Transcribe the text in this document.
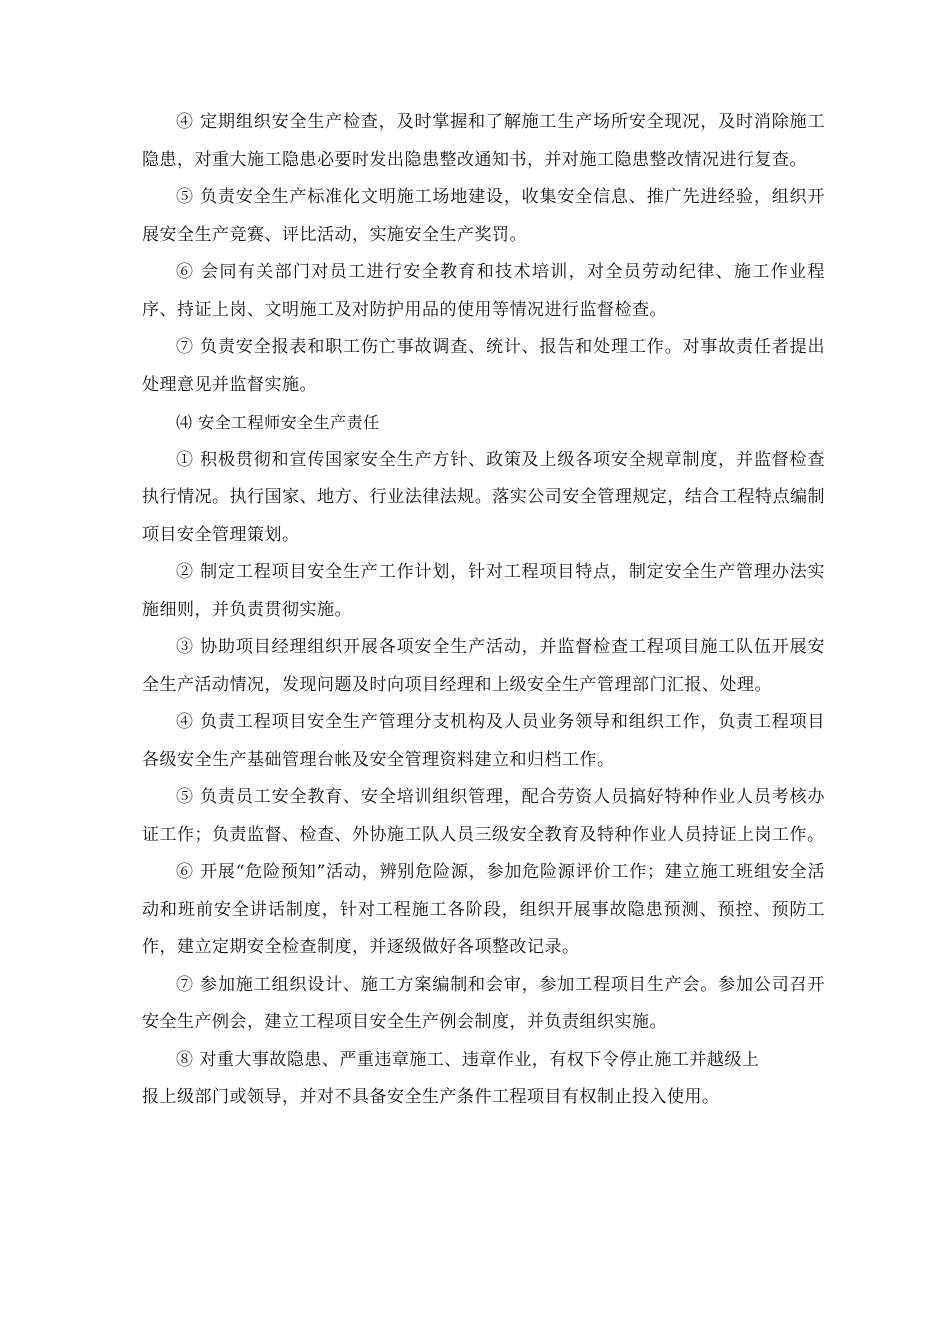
④ 定期组织安全生产检查，及时掌握和了解施工生产场所安全现况，及时消除施工隐患，对重大施工隐患必要时发出隐患整改通知书，并对施工隐患整改情况进行复查。

⑤ 负责安全生产标准化文明施工场地建设，收集安全信息、推广先进经验，组织开展安全生产竞赛、评比活动，实施安全生产奖罚。

⑥ 会同有关部门对员工进行安全教育和技术培训，对全员劳动纪律、施工作业程序、持证上岗、文明施工及对防护用品的使用等情况进行监督检查。

⑦ 负责安全报表和职工伤亡事故调查、统计、报告和处理工作。对事故责任者提出处理意见并监督实施。

⑷ 安全工程师安全生产责任

① 积极贯彻和宣传国家安全生产方针、政策及上级各项安全规章制度，并监督检查执行情况。执行国家、地方、行业法律法规。落实公司安全管理规定，结合工程特点编制项目安全管理策划。

② 制定工程项目安全生产工作计划，针对工程项目特点，制定安全生产管理办法实施细则，并负责贯彻实施。

③ 协助项目经理组织开展各项安全生产活动，并监督检查工程项目施工队伍开展安全生产活动情况，发现问题及时向项目经理和上级安全生产管理部门汇报、处理。

④ 负责工程项目安全生产管理分支机构及人员业务领导和组织工作，负责工程项目各级安全生产基础管理台帐及安全管理资料建立和归档工作。

⑤ 负责员工安全教育、安全培训组织管理，配合劳资人员搞好特种作业人员考核办证工作；负责监督、检查、外协施工队人员三级安全教育及特种作业人员持证上岗工作。

⑥ 开展“危险预知”活动，辨别危险源，参加危险源评价工作；建立施工班组安全活动和班前安全讲话制度，针对工程施工各阶段，组织开展事故隐患预测、预控、预防工作，建立定期安全检查制度，并逐级做好各项整改记录。

⑦ 参加施工组织设计、施工方案编制和会审，参加工程项目生产会。参加公司召开安全生产例会，建立工程项目安全生产例会制度，并负责组织实施。

⑧ 对重大事故隐患、严重违章施工、违章作业，有权下令停止施工并越级上

报上级部门或领导，并对不具备安全生产条件工程项目有权制止投入使用。
